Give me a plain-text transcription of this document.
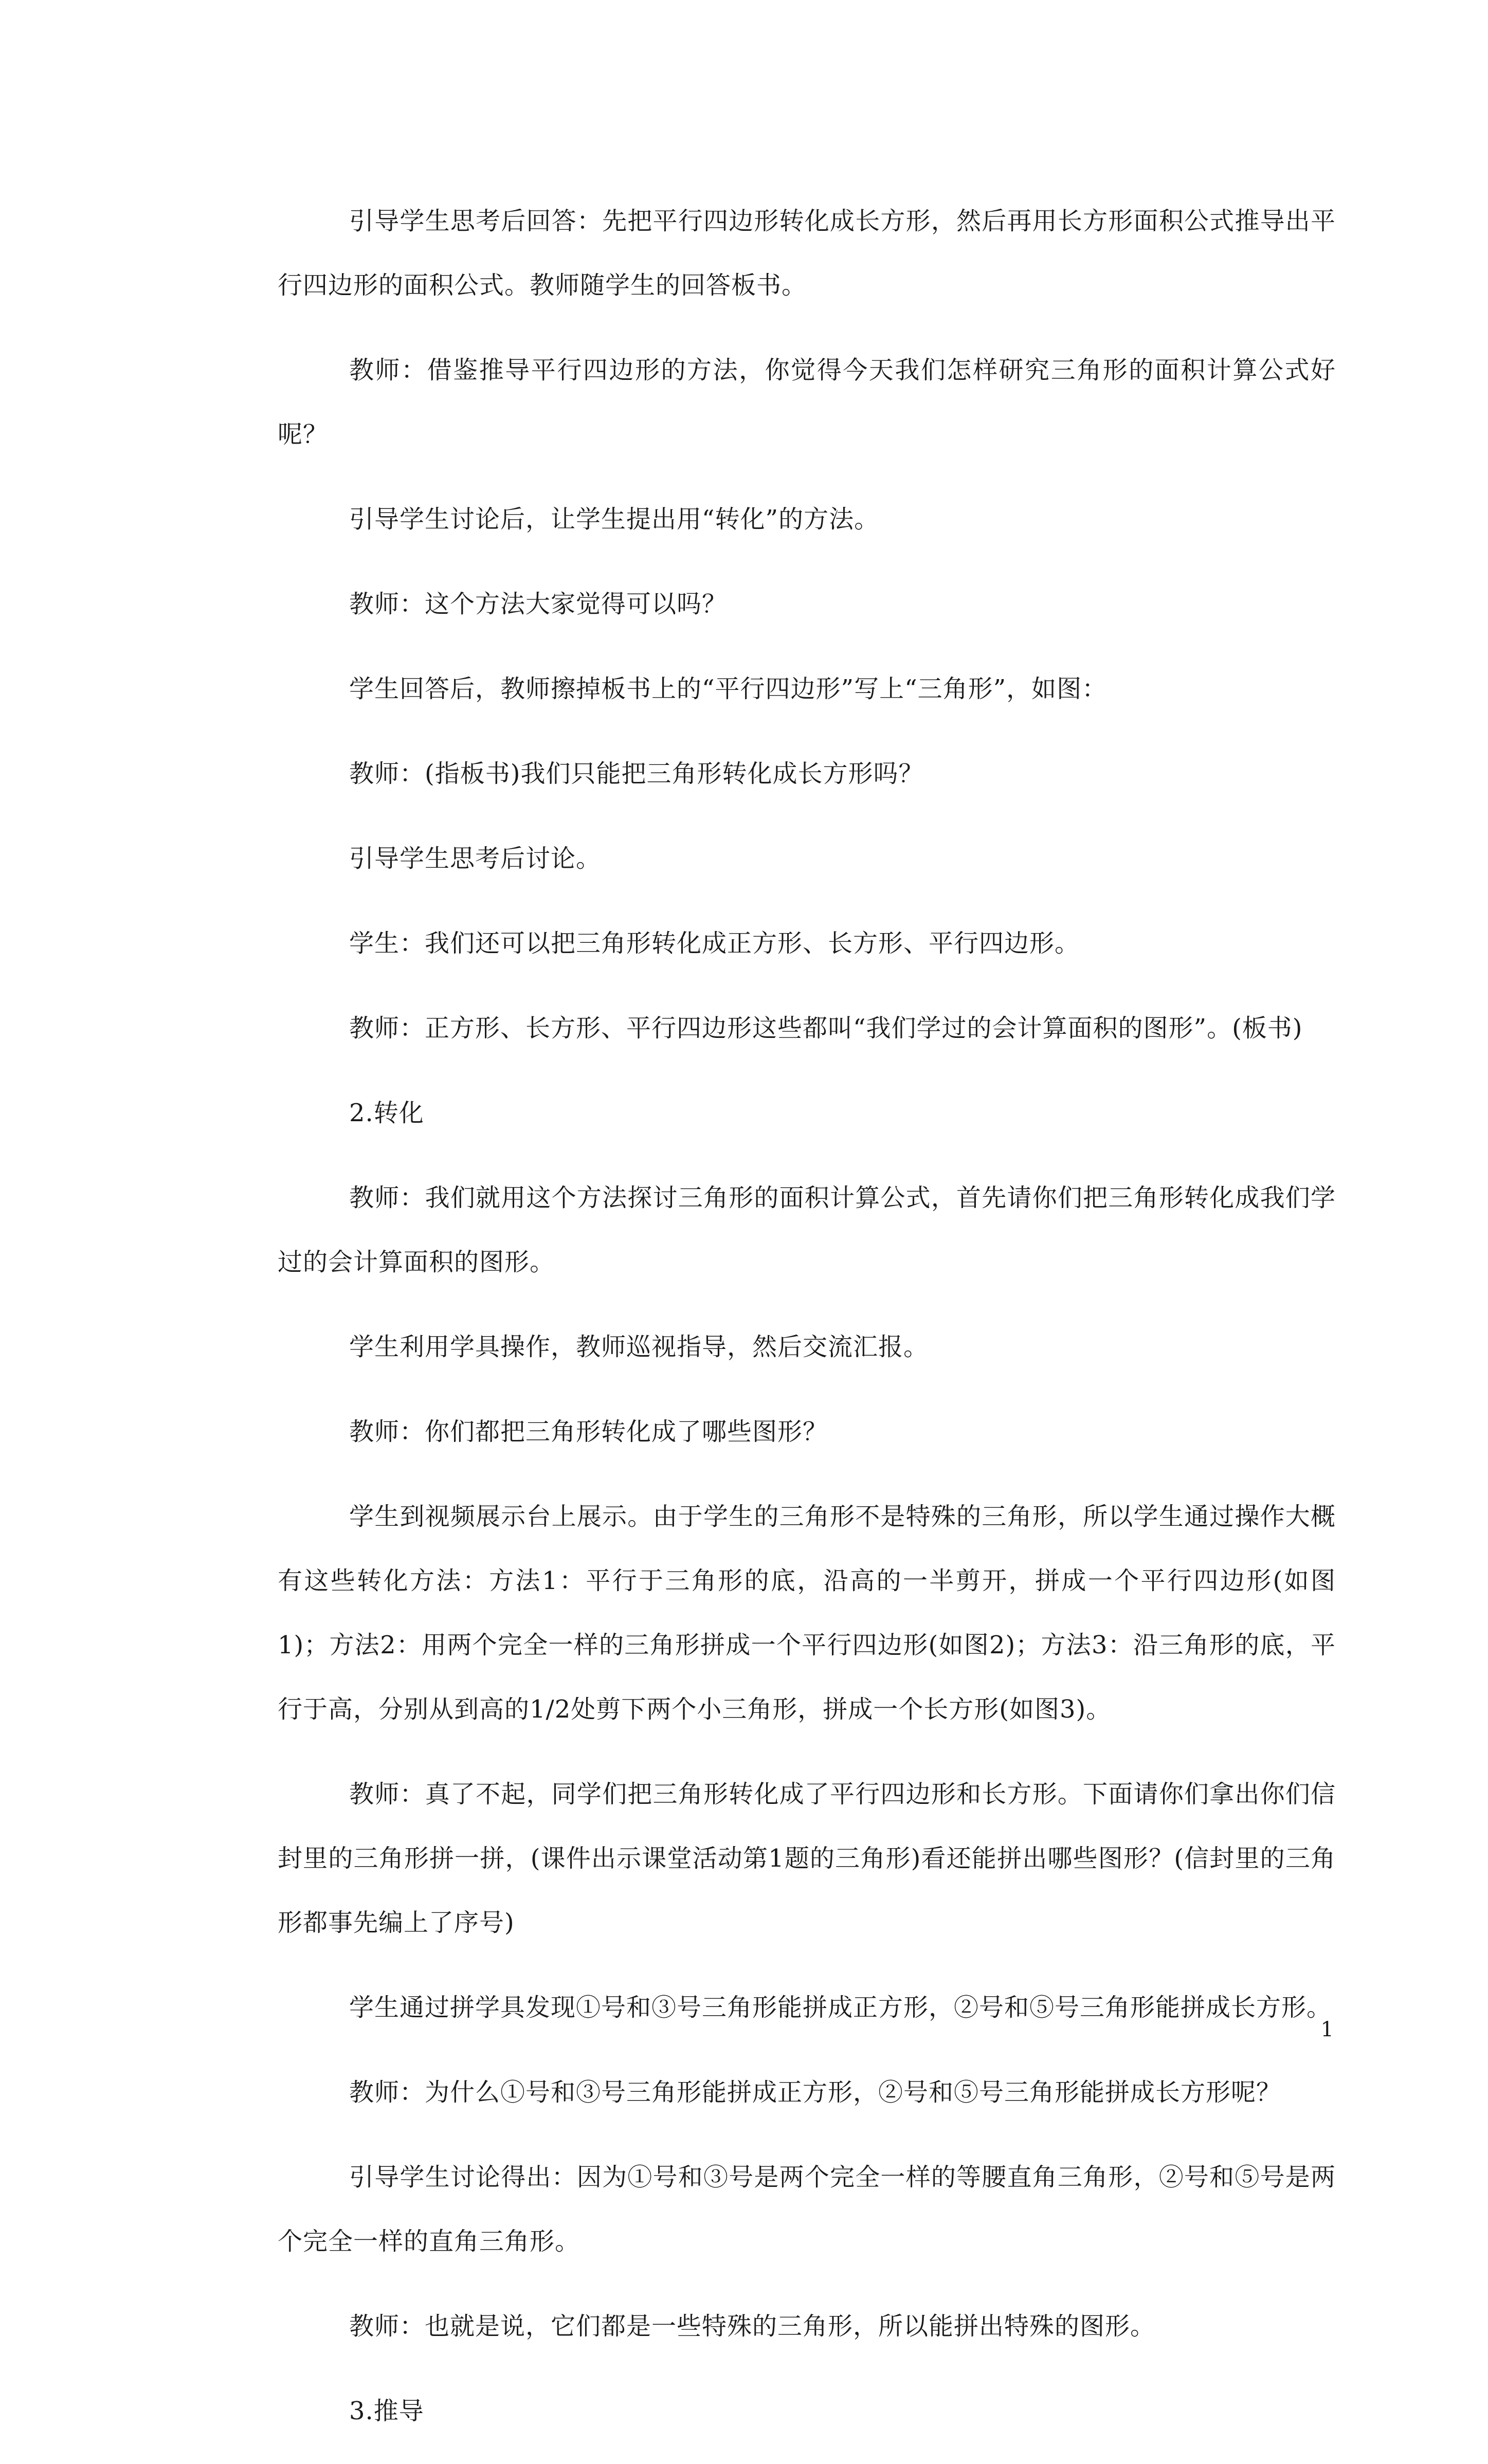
引导学生思考后回答：先把平行四边形转化成长方形，然后再用长方形面积公式推导出平行四边形的面积公式。教师随学生的回答板书。

教师：借鉴推导平行四边形的方法，你觉得今天我们怎样研究三角形的面积计算公式好呢？

引导学生讨论后，让学生提出用“转化”的方法。

教师：这个方法大家觉得可以吗？

学生回答后，教师擦掉板书上的“平行四边形”写上“三角形”，如图：

教师：(指板书)我们只能把三角形转化成长方形吗？

引导学生思考后讨论。

学生：我们还可以把三角形转化成正方形、长方形、平行四边形。

教师：正方形、长方形、平行四边形这些都叫“我们学过的会计算面积的图形”。(板书)

2.转化

教师：我们就用这个方法探讨三角形的面积计算公式，首先请你们把三角形转化成我们学过的会计算面积的图形。

学生利用学具操作，教师巡视指导，然后交流汇报。

教师：你们都把三角形转化成了哪些图形？

学生到视频展示台上展示。由于学生的三角形不是特殊的三角形，所以学生通过操作大概有这些转化方法：方法1：平行于三角形的底，沿高的一半剪开，拼成一个平行四边形(如图1)；方法2：用两个完全一样的三角形拼成一个平行四边形(如图2)；方法3：沿三角形的底，平行于高，分别从到高的1/2处剪下两个小三角形，拼成一个长方形(如图3)。

教师：真了不起，同学们把三角形转化成了平行四边形和长方形。下面请你们拿出你们信封里的三角形拼一拼，(课件出示课堂活动第1题的三角形)看还能拼出哪些图形？(信封里的三角形都事先编上了序号)

学生通过拼学具发现①号和③号三角形能拼成正方形，②号和⑤号三角形能拼成长方形。

教师：为什么①号和③号三角形能拼成正方形，②号和⑤号三角形能拼成长方形呢？

引导学生讨论得出：因为①号和③号是两个完全一样的等腰直角三角形，②号和⑤号是两个完全一样的直角三角形。

教师：也就是说，它们都是一些特殊的三角形，所以能拼出特殊的图形。

3.推导

1
